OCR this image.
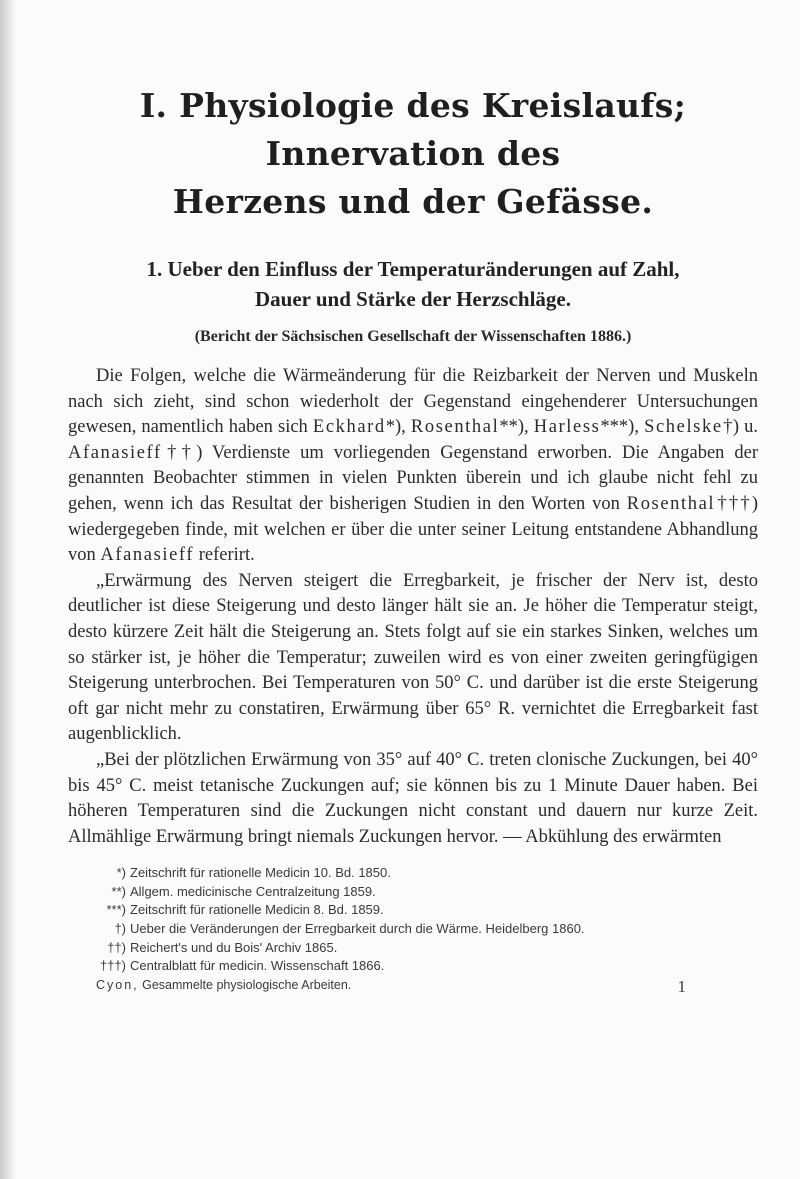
I. Physiologie des Kreislaufs; Innervation des
Herzens und der Gefässe.
1. Ueber den Einfluss der Temperaturänderungen auf Zahl,
Dauer und Stärke der Herzschläge.
(Bericht der Sächsischen Gesellschaft der Wissenschaften 1886.)

Die Folgen, welche die Wärmeänderung für die Reizbarkeit der Nerven und Muskeln nach sich zieht, sind schon wiederholt der Gegenstand eingehenderer Untersuchungen gewesen, namentlich haben sich Eckhard*), Rosenthal**), Harless***), Schelske†) u. Afanasieff††) Verdienste um vorliegenden Gegenstand erworben. Die Angaben der genannten Beobachter stimmen in vielen Punkten überein und ich glaube nicht fehl zu gehen, wenn ich das Resultat der bisherigen Studien in den Worten von Rosenthal†††) wiedergegeben finde, mit welchen er über die unter seiner Leitung entstandene Abhandlung von Afanasieff referirt.

„Erwärmung des Nerven steigert die Erregbarkeit, je frischer der Nerv ist, desto deutlicher ist diese Steigerung und desto länger hält sie an. Je höher die Temperatur steigt, desto kürzere Zeit hält die Steigerung an. Stets folgt auf sie ein starkes Sinken, welches um so stärker ist, je höher die Temperatur; zuweilen wird es von einer zweiten geringfügigen Steigerung unterbrochen. Bei Temperaturen von 50° C. und darüber ist die erste Steigerung oft gar nicht mehr zu constatiren, Erwärmung über 65° R. vernichtet die Erregbarkeit fast augenblicklich.

„Bei der plötzlichen Erwärmung von 35° auf 40° C. treten clonische Zuckungen, bei 40° bis 45° C. meist tetanische Zuckungen auf; sie können bis zu 1 Minute Dauer haben. Bei höheren Temperaturen sind die Zuckungen nicht constant und dauern nur kurze Zeit. Allmählige Erwärmung bringt niemals Zuckungen hervor. — Abkühlung des erwärmten

*) Zeitschrift für rationelle Medicin 10. Bd. 1850.
**) Allgem. medicinische Centralzeitung 1859.
***) Zeitschrift für rationelle Medicin 8. Bd. 1859.
†) Ueber die Veränderungen der Erregbarkeit durch die Wärme. Heidelberg 1860.
††) Reichert's und du Bois' Archiv 1865.
†††) Centralblatt für medicin. Wissenschaft 1866.
Cyon, Gesammelte physiologische Arbeiten.	1
